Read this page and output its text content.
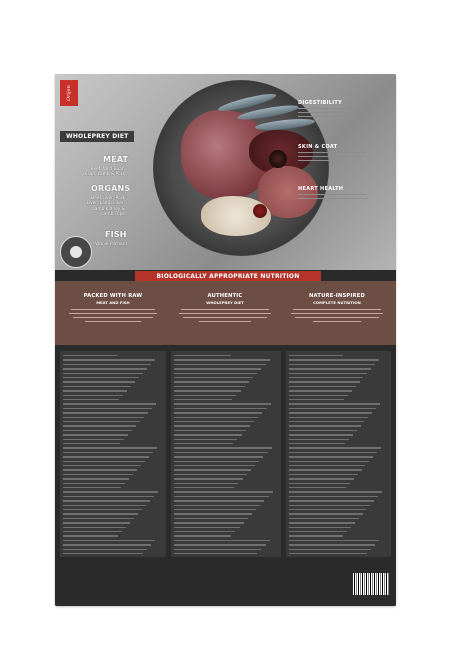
Orijen
WHOLEPREY DIET
MEAT
Beef, Wild Boar,
Bison, Lamb & Pork
ORGANS
Beef Liver, Pork
Liver, Lamb Liver,
Lamb Kidney &
Lamb Tripe
FISH
Whole Pilchard
DIGESTIBILITY
SKIN & COAT
HEART HEALTH
BIOLOGICALLY APPROPRIATE NUTRITION
PACKED WITH RAW
MEAT AND FISH
AUTHENTIC
WHOLEPREY DIET
NATURE-INSPIRED
COMPLETE NUTRITION
